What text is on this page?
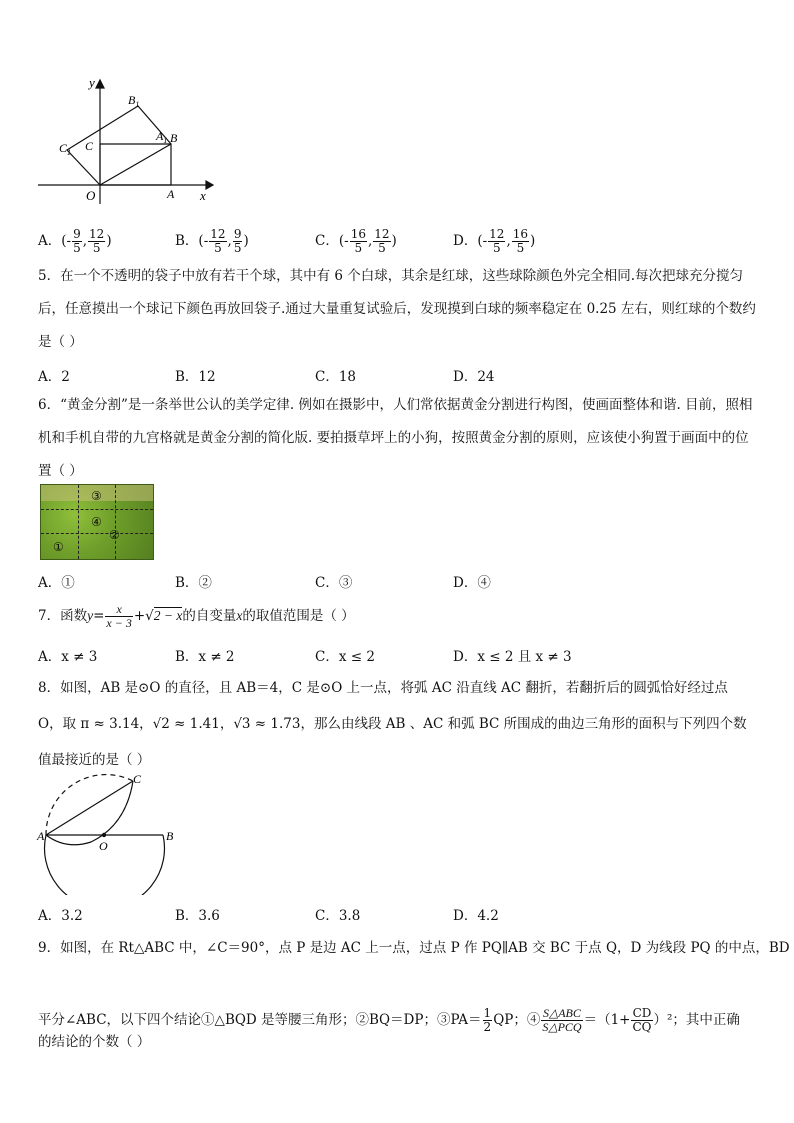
y
x
O	A
B
C
$A_1$
$B_1$
$C_1$
A．(- $\frac{9}{5}$ , $\frac{12}{5}$ )	B．(- $\frac{12}{5}$ , $\frac{9}{5}$ )	C．(- $\frac{16}{5}$ , $\frac{12}{5}$ )	D．(- $\frac{12}{5}$ , $\frac{16}{5}$ )
5．在一个不透明的袋子中放有若干个球，其中有 6 个白球，其余是红球，这些球除颜色外完全相同.每次把球充分搅匀后，任意摸出一个球记下颜色再放回袋子.通过大量重复试验后，发现摸到白球的频率稳定在 0.25 左右，则红球的个数约是（ ）
A．2	B．12	C．18	D．24
6．“黄金分割”是一条举世公认的美学定律. 例如在摄影中，人们常依据黄金分割进行构图，使画面整体和谐. 目前，照相机和手机自带的九宫格就是黄金分割的简化版. 要拍摄草坪上的小狗，按照黄金分割的原则，应该使小狗置于画面中的位置（ ）
③
④
②
①
A．①	B．②	C．③	D．④
7．函数$y= \frac{x}{x - 3} +√2 - x$的自变量x的取值范围是（ ）
A．x ≠ 3	B．x ≠ 2	C．x ≤ 2	D．x ≤ 2 且 x ≠ 3
8．如图，AB 是⊙O 的直径，且 AB＝4，C 是⊙O 上一点，将弧 AC 沿直线 AC 翻折，若翻折后的圆弧恰好经过点
O，取 π ≈ 3.14，√2 ≈ 1.41，√3 ≈ 1.73，那么由线段 AB 、AC 和弧 BC 所围成的曲边三角形的面积与下列四个数
值最接近的是（ ）
A	B
C
O
A．3.2	B．3.6	C．3.8	D．4.2
9．如图，在 Rt△ABC 中，∠C＝90°，点 P 是边 AC 上一点，过点 P 作 PQ∥AB 交 BC 于点 Q，D 为线段 PQ 的中点，BD
平分∠ABC，以下四个结论①△BQD 是等腰三角形；②BQ＝DP；③PA＝ $\frac{1}{2}$ QP；④ $\frac{\text{S△ABC}}{\text{S△PCQ}} =(1+ \frac{CD}{CQ} )^2$；其中正确
的结论的个数（ ）
